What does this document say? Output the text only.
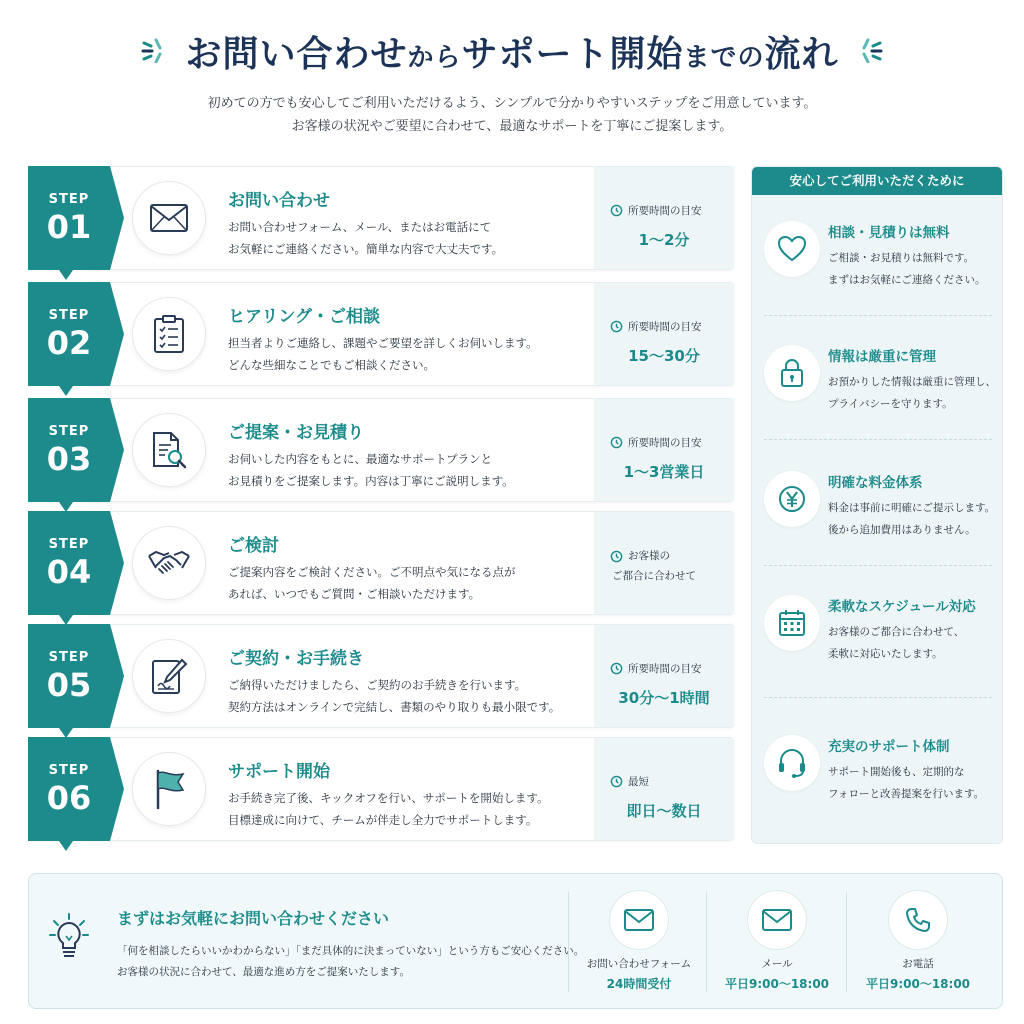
お問い合わせからサポート開始までの流れ
初めての方でも安心してご利用いただけるよう、シンプルで分かりやすいステップをご用意しています。
お客様の状況やご要望に合わせて、最適なサポートを丁寧にご提案します。
STEP
01
お問い合わせ
お問い合わせフォーム、メール、またはお電話にて
お気軽にご連絡ください。簡単な内容で大丈夫です。
所要時間の目安
1〜2分
STEP
02
ヒアリング・ご相談
担当者よりご連絡し、課題やご要望を詳しくお伺いします。
どんな些細なことでもご相談ください。
所要時間の目安
15〜30分
STEP
03
ご提案・お見積り
お伺いした内容をもとに、最適なサポートプランと
お見積りをご提案します。内容は丁寧にご説明します。
所要時間の目安
1〜3営業日
STEP
04
ご検討
ご提案内容をご検討ください。ご不明点や気になる点が
あれば、いつでもご質問・ご相談いただけます。
お客様の
ご都合に合わせて
STEP
05
ご契約・お手続き
ご納得いただけましたら、ご契約のお手続きを行います。
契約方法はオンラインで完結し、書類のやり取りも最小限です。
所要時間の目安
30分〜1時間
STEP
06
サポート開始
お手続き完了後、キックオフを行い、サポートを開始します。
目標達成に向けて、チームが伴走し全力でサポートします。
最短
即日〜数日
安心してご利用いただくために
相談・見積りは無料
ご相談・お見積りは無料です。
まずはお気軽にご連絡ください。
情報は厳重に管理
お預かりした情報は厳重に管理し、
プライバシーを守ります。
明確な料金体系
料金は事前に明確にご提示します。
後から追加費用はありません。
柔軟なスケジュール対応
お客様のご都合に合わせて、
柔軟に対応いたします。
充実のサポート体制
サポート開始後も、定期的な
フォローと改善提案を行います。
まずはお気軽にお問い合わせください
「何を相談したらいいかわからない」「まだ具体的に決まっていない」という方もご安心ください。
お客様の状況に合わせて、最適な進め方をご提案いたします。
お問い合わせフォーム
24時間受付
メール
平日9:00〜18:00
お電話
平日9:00〜18:00
